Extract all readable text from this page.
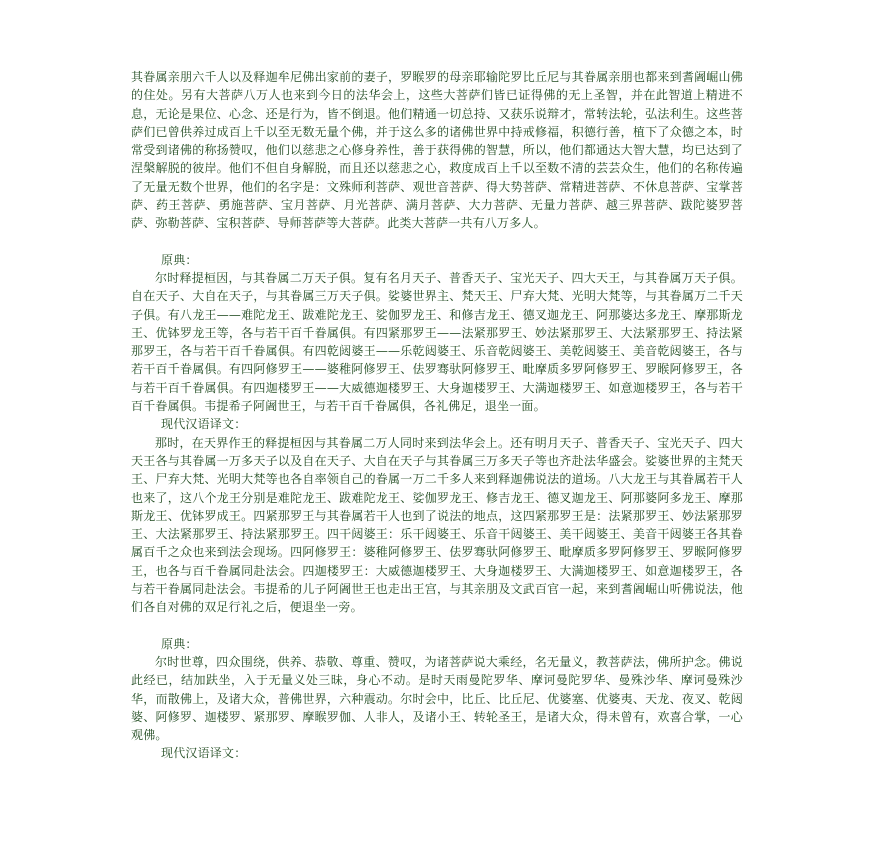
其眷属亲朋六千人以及释迦牟尼佛出家前的妻子，罗睺罗的母亲耶输陀罗比丘尼与其眷属亲朋也都来到耆阇崛山佛的住处。另有大菩萨八万人也来到今日的法华会上，这些大菩萨们皆已证得佛的无上圣智，并在此智道上精进不息，无论是果位、心念、还是行为，皆不倒退。他们精通一切总持、又获乐说辩才，常转法轮，弘法利生。这些菩萨们已曾供养过成百上千以至无数无量个佛，并于这么多的诸佛世界中持戒修福，积德行善，植下了众德之本，时常受到诸佛的称扬赞叹，他们以慈悲之心修身养性，善于获得佛的智慧，所以，他们都通达大智大慧，均已达到了涅槃解脱的彼岸。他们不但自身解脱，而且还以慈悲之心，救度成百上千以至数不清的芸芸众生，他们的名称传遍了无量无数个世界，他们的名字是：文殊师利菩萨、观世音菩萨、得大势菩萨、常精进菩萨、不休息菩萨、宝掌菩萨、药王菩萨、勇施菩萨、宝月菩萨、月光菩萨、满月菩萨、大力菩萨、无量力菩萨、越三界菩萨、跋陀婆罗菩萨、弥勒菩萨、宝积菩萨、导师菩萨等大菩萨。此类大菩萨一共有八万多人。

原典：

尔时释提桓因，与其眷属二万天子俱。复有名月天子、普香天子、宝光天子、四大天王，与其眷属万天子俱。自在天子、大自在天子，与其眷属三万天子俱。娑婆世界主、梵天王、尸弃大梵、光明大梵等，与其眷属万二千天子俱。有八龙王——难陀龙王、跋难陀龙王、娑伽罗龙王、和修吉龙王、德叉迦龙王、阿那婆达多龙王、摩那斯龙王、优钵罗龙王等，各与若干百千眷属俱。有四紧那罗王——法紧那罗王、妙法紧那罗王、大法紧那罗王、持法紧那罗王，各与若干百千眷属俱。有四乾闼婆王——乐乾闼婆王、乐音乾闼婆王、美乾闼婆王、美音乾闼婆王，各与若干百千眷属俱。有四阿修罗王——婆稚阿修罗王、佉罗骞驮阿修罗王、毗摩质多罗阿修罗王、罗睺阿修罗王，各与若干百千眷属俱。有四迦楼罗王——大威德迦楼罗王、大身迦楼罗王、大满迦楼罗王、如意迦楼罗王，各与若干百千眷属俱。韦提希子阿阇世王，与若干百千眷属俱，各礼佛足，退坐一面。

现代汉语译文：

那时，在天界作王的释提桓因与其眷属二万人同时来到法华会上。还有明月天子、普香天子、宝光天子、四大天王各与其眷属一万多天子以及自在天子、大自在天子与其眷属三万多天子等也齐赴法华盛会。娑婆世界的主梵天王、尸弃大梵、光明大梵等也各自率领自己的眷属一万二千多人来到释迦佛说法的道场。八大龙王与其眷属若干人也来了，这八个龙王分别是难陀龙王、跋难陀龙王、娑伽罗龙王、修吉龙王、德叉迦龙王、阿那婆阿多龙王、摩那斯龙王、优钵罗成王。四紧那罗王与其眷属若干人也到了说法的地点，这四紧那罗王是：法紧那罗王、妙法紧那罗王、大法紧那罗王、持法紧那罗王。四干闼婆王：乐干闼婆王、乐音干闼婆王、美干闼婆王、美音干闼婆王各其眷属百千之众也来到法会现场。四阿修罗王：婆稚阿修罗王、佉罗骞驮阿修罗王、毗摩质多罗阿修罗王、罗睺阿修罗王，也各与百千眷属同赴法会。四迦楼罗王：大威德迦楼罗王、大身迦楼罗王、大满迦楼罗王、如意迦楼罗王，各与若干眷属同赴法会。韦提希的儿子阿阇世王也走出王宫，与其亲朋及文武百官一起，来到耆阇崛山听佛说法，他们各自对佛的双足行礼之后，便退坐一旁。

原典：

尔时世尊，四众围绕，供养、恭敬、尊重、赞叹，为诸菩萨说大乘经，名无量义，教菩萨法，佛所护念。佛说此经已，结加趺坐，入于无量义处三昧，身心不动。是时天雨曼陀罗华、摩诃曼陀罗华、曼殊沙华、摩诃曼殊沙华，而散佛上，及诸大众，普佛世界，六种震动。尔时会中，比丘、比丘尼、优婆塞、优婆夷、天龙、夜叉、乾闼婆、阿修罗、迦楼罗、紧那罗、摩睺罗伽、人非人，及诸小王、转轮圣王，是诸大众，得未曾有，欢喜合掌，一心观佛。

现代汉语译文：
